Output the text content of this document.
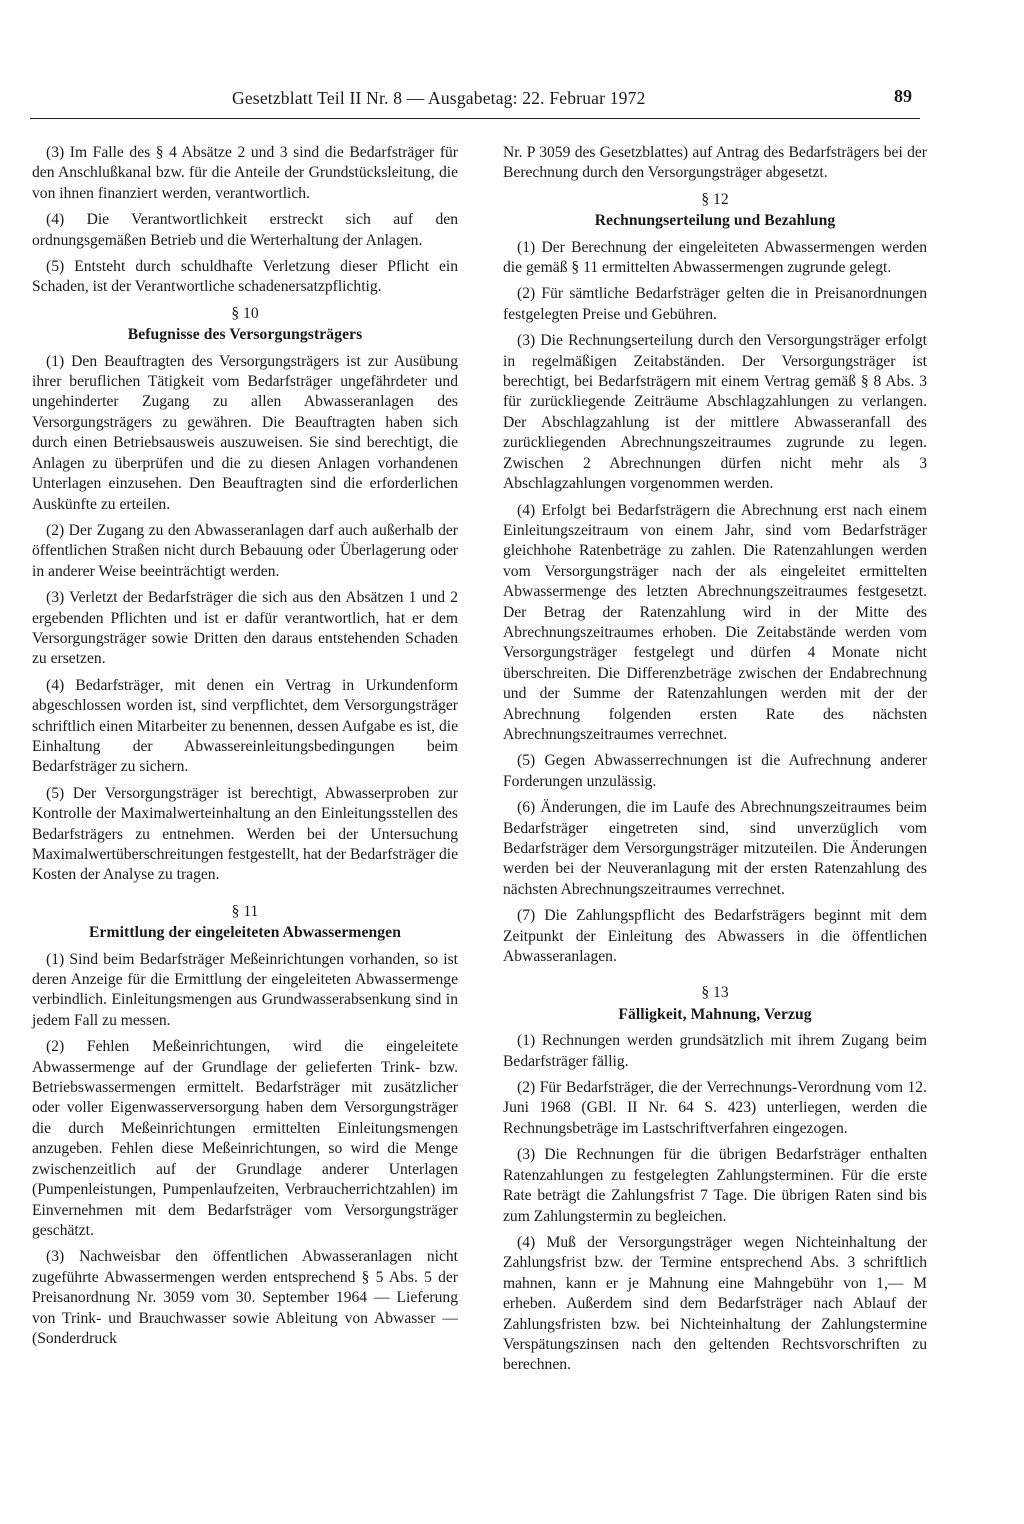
Gesetzblatt Teil II Nr. 8 — Ausgabetag: 22. Februar 1972	89

(3) Im Falle des § 4 Absätze 2 und 3 sind die Bedarfsträger für den Anschlußkanal bzw. für die Anteile der Grundstücksleitung, die von ihnen finanziert werden, verantwortlich.

(4) Die Verantwortlichkeit erstreckt sich auf den ordnungsgemäßen Betrieb und die Werterhaltung der Anlagen.

(5) Entsteht durch schuldhafte Verletzung dieser Pflicht ein Schaden, ist der Verantwortliche schadenersatzpflichtig.

§ 10
Befugnisse des Versorgungsträgers

(1) Den Beauftragten des Versorgungsträgers ist zur Ausübung ihrer beruflichen Tätigkeit vom Bedarfsträger ungefährdeter und ungehinderter Zugang zu allen Abwasseranlagen des Versorgungsträgers zu gewähren. Die Beauftragten haben sich durch einen Betriebsausweis auszuweisen. Sie sind berechtigt, die Anlagen zu überprüfen und die zu diesen Anlagen vorhandenen Unterlagen einzusehen. Den Beauftragten sind die erforderlichen Auskünfte zu erteilen.

(2) Der Zugang zu den Abwasseranlagen darf auch außerhalb der öffentlichen Straßen nicht durch Bebauung oder Überlagerung oder in anderer Weise beeinträchtigt werden.

(3) Verletzt der Bedarfsträger die sich aus den Absätzen 1 und 2 ergebenden Pflichten und ist er dafür verantwortlich, hat er dem Versorgungsträger sowie Dritten den daraus entstehenden Schaden zu ersetzen.

(4) Bedarfsträger, mit denen ein Vertrag in Urkundenform abgeschlossen worden ist, sind verpflichtet, dem Versorgungsträger schriftlich einen Mitarbeiter zu benennen, dessen Aufgabe es ist, die Einhaltung der Abwassereinleitungsbedingungen beim Bedarfsträger zu sichern.

(5) Der Versorgungsträger ist berechtigt, Abwasserproben zur Kontrolle der Maximalwerteinhaltung an den Einleitungsstellen des Bedarfsträgers zu entnehmen. Werden bei der Untersuchung Maximalwertüberschreitungen festgestellt, hat der Bedarfsträger die Kosten der Analyse zu tragen.

§ 11
Ermittlung der eingeleiteten Abwassermengen

(1) Sind beim Bedarfsträger Meßeinrichtungen vorhanden, so ist deren Anzeige für die Ermittlung der eingeleiteten Abwassermenge verbindlich. Einleitungsmengen aus Grundwasserabsenkung sind in jedem Fall zu messen.

(2) Fehlen Meßeinrichtungen, wird die eingeleitete Abwassermenge auf der Grundlage der gelieferten Trink- bzw. Betriebswassermengen ermittelt. Bedarfsträger mit zusätzlicher oder voller Eigenwasserversorgung haben dem Versorgungsträger die durch Meßeinrichtungen ermittelten Einleitungsmengen anzugeben. Fehlen diese Meßeinrichtungen, so wird die Menge zwischenzeitlich auf der Grundlage anderer Unterlagen (Pumpenleistungen, Pumpenlaufzeiten, Verbraucherrichtzahlen) im Einvernehmen mit dem Bedarfsträger vom Versorgungsträger geschätzt.

(3) Nachweisbar den öffentlichen Abwasseranlagen nicht zugeführte Abwassermengen werden entsprechend § 5 Abs. 5 der Preisanordnung Nr. 3059 vom 30. September 1964 — Lieferung von Trink- und Brauchwasser sowie Ableitung von Abwasser — (Sonderdruck

Nr. P 3059 des Gesetzblattes) auf Antrag des Bedarfsträgers bei der Berechnung durch den Versorgungsträger abgesetzt.

§ 12
Rechnungserteilung und Bezahlung

(1) Der Berechnung der eingeleiteten Abwassermengen werden die gemäß § 11 ermittelten Abwassermengen zugrunde gelegt.

(2) Für sämtliche Bedarfsträger gelten die in Preisanordnungen festgelegten Preise und Gebühren.

(3) Die Rechnungserteilung durch den Versorgungsträger erfolgt in regelmäßigen Zeitabständen. Der Versorgungsträger ist berechtigt, bei Bedarfsträgern mit einem Vertrag gemäß § 8 Abs. 3 für zurückliegende Zeiträume Abschlagzahlungen zu verlangen. Der Abschlagzahlung ist der mittlere Abwasseranfall des zurückliegenden Abrechnungszeitraumes zugrunde zu legen. Zwischen 2 Abrechnungen dürfen nicht mehr als 3 Abschlagzahlungen vorgenommen werden.

(4) Erfolgt bei Bedarfsträgern die Abrechnung erst nach einem Einleitungszeitraum von einem Jahr, sind vom Bedarfsträger gleichhohe Ratenbeträge zu zahlen. Die Ratenzahlungen werden vom Versorgungsträger nach der als eingeleitet ermittelten Abwassermenge des letzten Abrechnungszeitraumes festgesetzt. Der Betrag der Ratenzahlung wird in der Mitte des Abrechnungszeitraumes erhoben. Die Zeitabstände werden vom Versorgungsträger festgelegt und dürfen 4 Monate nicht überschreiten. Die Differenzbeträge zwischen der Endabrechnung und der Summe der Ratenzahlungen werden mit der der Abrechnung folgenden ersten Rate des nächsten Abrechnungszeitraumes verrechnet.

(5) Gegen Abwasserrechnungen ist die Aufrechnung anderer Forderungen unzulässig.

(6) Änderungen, die im Laufe des Abrechnungszeitraumes beim Bedarfsträger eingetreten sind, sind unverzüglich vom Bedarfsträger dem Versorgungsträger mitzuteilen. Die Änderungen werden bei der Neuveranlagung mit der ersten Ratenzahlung des nächsten Abrechnungszeitraumes verrechnet.

(7) Die Zahlungspflicht des Bedarfsträgers beginnt mit dem Zeitpunkt der Einleitung des Abwassers in die öffentlichen Abwasseranlagen.

§ 13
Fälligkeit, Mahnung, Verzug

(1) Rechnungen werden grundsätzlich mit ihrem Zugang beim Bedarfsträger fällig.

(2) Für Bedarfsträger, die der Verrechnungs-Verordnung vom 12. Juni 1968 (GBl. II Nr. 64 S. 423) unterliegen, werden die Rechnungsbeträge im Lastschriftverfahren eingezogen.

(3) Die Rechnungen für die übrigen Bedarfsträger enthalten Ratenzahlungen zu festgelegten Zahlungsterminen. Für die erste Rate beträgt die Zahlungsfrist 7 Tage. Die übrigen Raten sind bis zum Zahlungstermin zu begleichen.

(4) Muß der Versorgungsträger wegen Nichteinhaltung der Zahlungsfrist bzw. der Termine entsprechend Abs. 3 schriftlich mahnen, kann er je Mahnung eine Mahngebühr von 1,— M erheben. Außerdem sind dem Bedarfsträger nach Ablauf der Zahlungsfristen bzw. bei Nichteinhaltung der Zahlungstermine Verspätungszinsen nach den geltenden Rechtsvorschriften zu berechnen.
